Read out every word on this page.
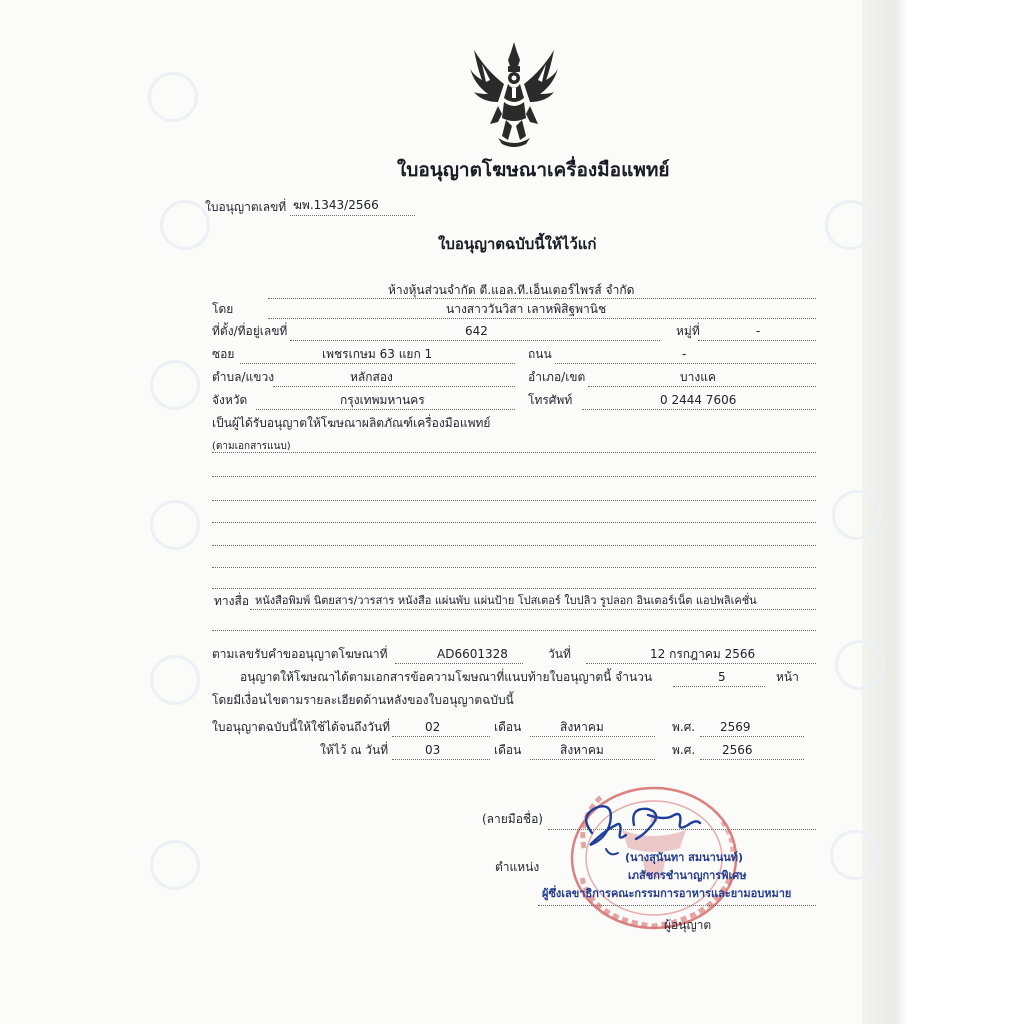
ใบอนุญาตโฆษณาเครื่องมือแพทย์
ใบอนุญาตเลขที่ ฆพ.1343/2566
ใบอนุญาตฉบับนี้ให้ไว้แก่
ห้างหุ้นส่วนจำกัด ตี.แอล.ที.เอ็นเตอร์ไพรส์ จำกัด
โดย	นางสาววันวิสา เลาหพิสิฐพานิช
ที่ตั้ง/ที่อยู่เลขที่	642	หมู่ที่	-
ซอย	เพชรเกษม 63 แยก 1	ถนน	-
ตำบล/แขวง	หลักสอง	อำเภอ/เขต	บางแค
จังหวัด	กรุงเทพมหานคร	โทรศัพท์	0 2444 7606
เป็นผู้ได้รับอนุญาตให้โฆษณาผลิตภัณฑ์เครื่องมือแพทย์
(ตามเอกสารแนบ)
ทางสื่อ หนังสือพิมพ์ นิตยสาร/วารสาร หนังสือ แผ่นพับ แผ่นป้าย โปสเตอร์ ใบปลิว รูปลอก อินเตอร์เน็ต แอปพลิเคชั่น
ตามเลขรับคำขออนุญาตโฆษณาที่	AD6601328	วันที่	12 กรกฎาคม 2566
อนุญาตให้โฆษณาได้ตามเอกสารข้อความโฆษณาที่แนบท้ายใบอนุญาตนี้ จำนวน	5	หน้า
โดยมีเงื่อนไขตามรายละเอียดด้านหลังของใบอนุญาตฉบับนี้
ใบอนุญาตฉบับนี้ให้ใช้ได้จนถึงวันที่	02	เดือน	สิงหาคม	พ.ศ. 2569
ให้ไว้ ณ วันที่	03	เดือน	สิงหาคม	พ.ศ. 2566
(ลายมือชื่อ)
ตำแหน่ง
(นางสุนันทา สมนานนท์)
เภสัชกรชำนาญการพิเศษ
ผู้ซึ่งเลขาธิการคณะกรรมการอาหารและยามอบหมาย
ผู้อนุญาต
